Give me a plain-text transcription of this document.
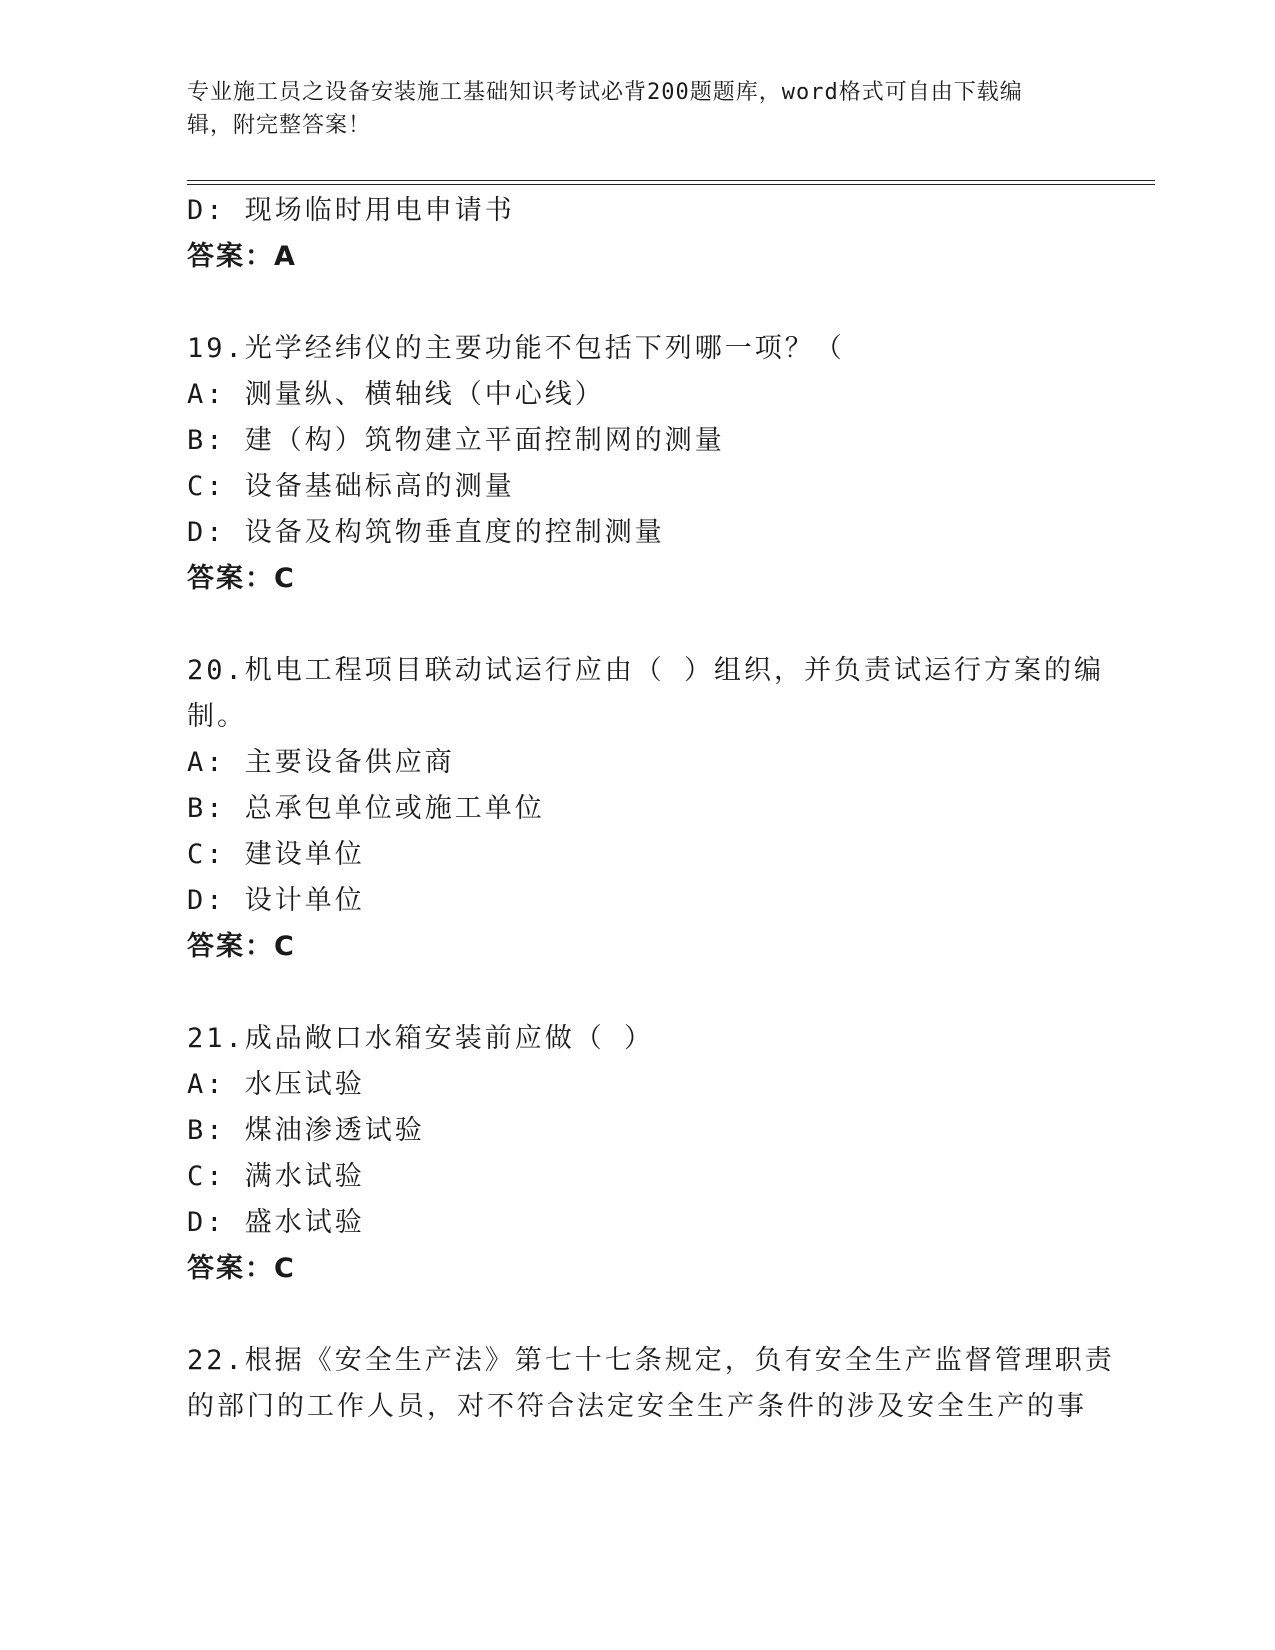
专业施工员之设备安装施工基础知识考试必背200题题库，word格式可自由下载编辑，附完整答案！
D: 现场临时用电申请书
答案：A
19.光学经纬仪的主要功能不包括下列哪一项？（
A: 测量纵、横轴线（中心线）
B: 建（构）筑物建立平面控制网的测量
C: 设备基础标高的测量
D: 设备及构筑物垂直度的控制测量
答案：C
20.机电工程项目联动试运行应由（ ）组织，并负责试运行方案的编
制。
A: 主要设备供应商
B: 总承包单位或施工单位
C: 建设单位
D: 设计单位
答案：C
21.成品敞口水箱安装前应做（ ）
A: 水压试验
B: 煤油渗透试验
C: 满水试验
D: 盛水试验
答案：C
22.根据《安全生产法》第七十七条规定，负有安全生产监督管理职责
的部门的工作人员，对不符合法定安全生产条件的涉及安全生产的事
